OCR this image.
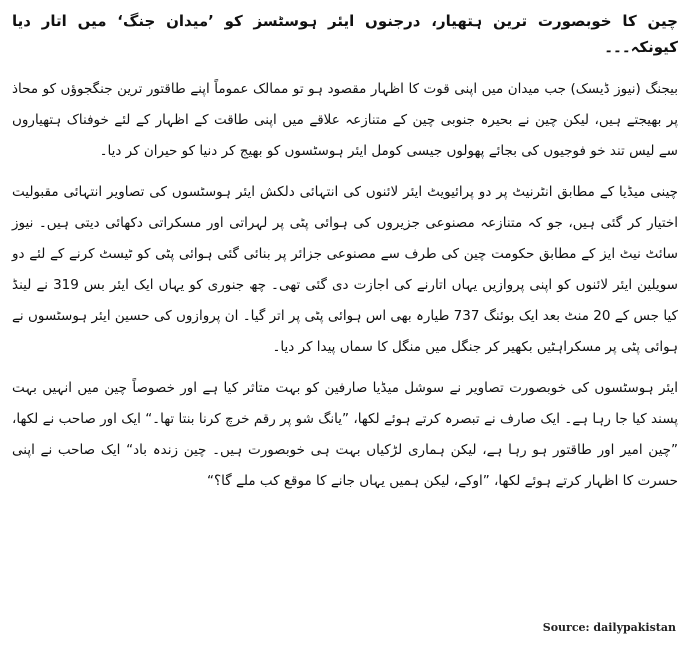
چین کا خوبصورت ترین ہتھیار، درجنوں ایئر ہوسٹسز کو ’میدان جنگ‘ میں اتار دیا کیونکہ۔۔۔

بیجنگ (نیوز ڈیسک) جب میدان میں اپنی قوت کا اظہار مقصود ہو تو ممالک عموماً اپنے طاقتور ترین جنگجوؤں کو محاذ پر بھیجتے ہیں، لیکن چین نے بحیرہ جنوبی چین کے متنازعہ علاقے میں اپنی طاقت کے اظہار کے لئے خوفناک ہتھیاروں سے لیس تند خو فوجیوں کی بجائے پھولوں جیسی کومل ایئر ہوسٹسوں کو بھیج کر دنیا کو حیران کر دیا۔

چینی میڈیا کے مطابق انٹرنیٹ پر دو پرائیویٹ ایئر لائنوں کی انتہائی دلکش ایئر ہوسٹسوں کی تصاویر انتہائی مقبولیت اختیار کر گئی ہیں، جو کہ متنازعہ مصنوعی جزیروں کی ہوائی پٹی پر لہراتی اور مسکراتی دکھائی دیتی ہیں۔ نیوز سائٹ نیٹ ایز کے مطابق حکومت چین کی طرف سے مصنوعی جزائر پر بنائی گئی ہوائی پٹی کو ٹیسٹ کرنے کے لئے دو سویلین ایئر لائنوں کو اپنی پروازیں یہاں اتارنے کی اجازت دی گئی تھی۔ چھ جنوری کو یہاں ایک ایئر بس 319 نے لینڈ کیا جس کے 20 منٹ بعد ایک بوئنگ 737 طیارہ بھی اس ہوائی پٹی پر اتر گیا۔ ان پروازوں کی حسین ایئر ہوسٹسوں نے ہوائی پٹی پر مسکراہٹیں بکھیر کر جنگل میں منگل کا سماں پیدا کر دیا۔

ایئر ہوسٹسوں کی خوبصورت تصاویر نے سوشل میڈیا صارفین کو بہت متاثر کیا ہے اور خصوصاً چین میں انہیں بہت پسند کیا جا رہا ہے۔ ایک صارف نے تبصرہ کرتے ہوئے لکھا، ”یانگ شو پر رقم خرچ کرنا بنتا تھا۔“ ایک اور صاحب نے لکھا، ”چین امیر اور طاقتور ہو رہا ہے، لیکن ہماری لڑکیاں بہت ہی خوبصورت ہیں۔ چین زندہ باد“ ایک صاحب نے اپنی حسرت کا اظہار کرتے ہوئے لکھا، ”اوکے، لیکن ہمیں یہاں جانے کا موقع کب ملے گا؟“

Source: dailypakistan
